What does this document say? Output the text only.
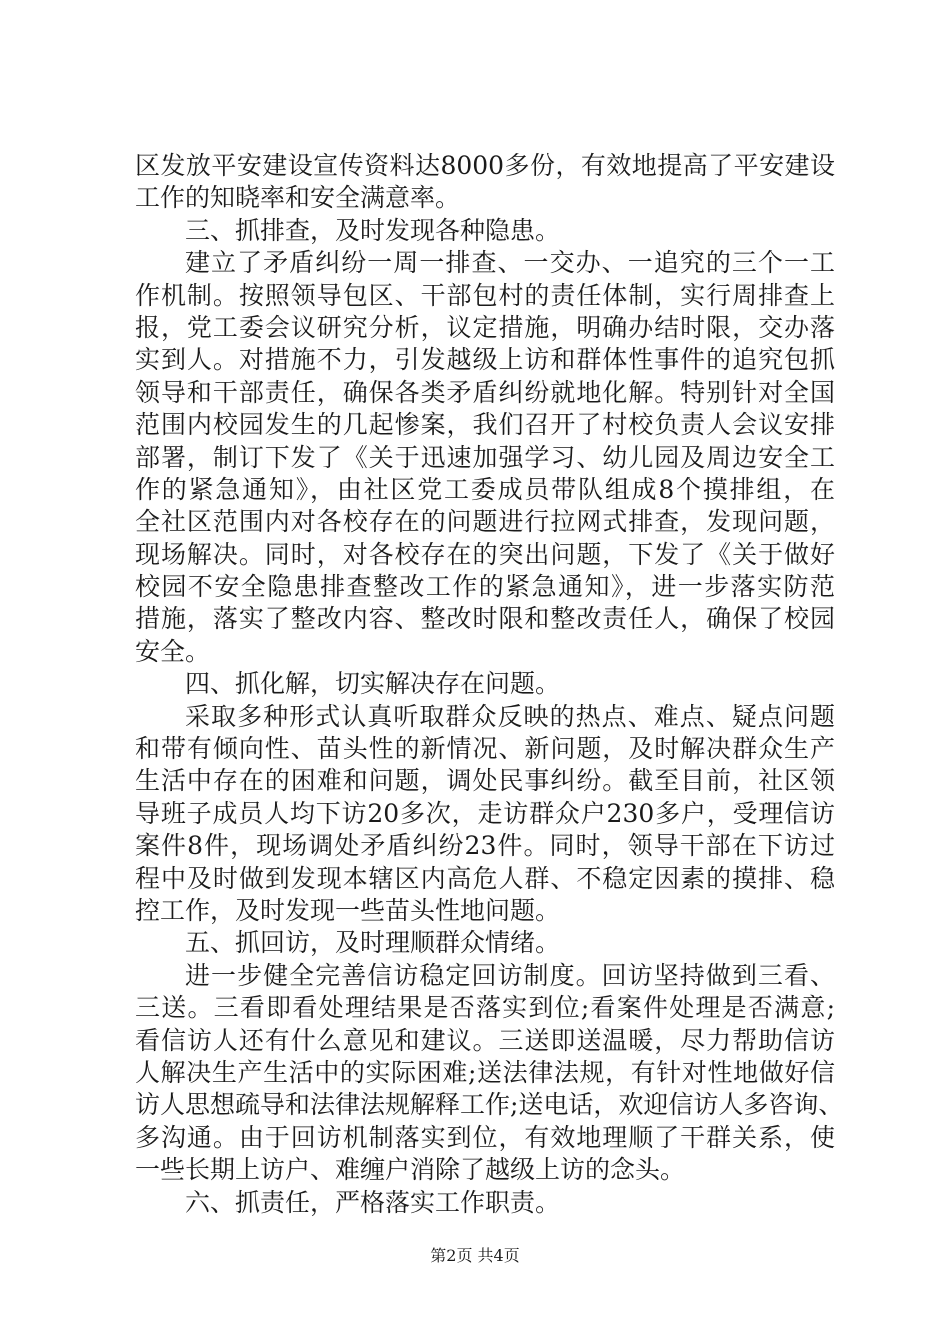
区发放平安建设宣传资料达8000多份，有效地提高了平安建设
工作的知晓率和安全满意率。
三、抓排查，及时发现各种隐患。
建立了矛盾纠纷一周一排查、一交办、一追究的三个一工
作机制。按照领导包区、干部包村的责任体制，实行周排查上
报，党工委会议研究分析，议定措施，明确办结时限，交办落
实到人。对措施不力，引发越级上访和群体性事件的追究包抓
领导和干部责任，确保各类矛盾纠纷就地化解。特别针对全国
范围内校园发生的几起惨案，我们召开了村校负责人会议安排
部署，制订下发了《关于迅速加强学习、幼儿园及周边安全工
作的紧急通知》，由社区党工委成员带队组成8个摸排组，在
全社区范围内对各校存在的问题进行拉网式排查，发现问题，
现场解决。同时，对各校存在的突出问题，下发了《关于做好
校园不安全隐患排查整改工作的紧急通知》，进一步落实防范
措施，落实了整改内容、整改时限和整改责任人，确保了校园
安全。
四、抓化解，切实解决存在问题。
采取多种形式认真听取群众反映的热点、难点、疑点问题
和带有倾向性、苗头性的新情况、新问题，及时解决群众生产
生活中存在的困难和问题，调处民事纠纷。截至目前，社区领
导班子成员人均下访20多次，走访群众户230多户，受理信访
案件8件，现场调处矛盾纠纷23件。同时，领导干部在下访过
程中及时做到发现本辖区内高危人群、不稳定因素的摸排、稳
控工作，及时发现一些苗头性地问题。
五、抓回访，及时理顺群众情绪。
进一步健全完善信访稳定回访制度。回访坚持做到三看、
三送。三看即看处理结果是否落实到位;看案件处理是否满意;
看信访人还有什么意见和建议。三送即送温暖，尽力帮助信访
人解决生产生活中的实际困难;送法律法规，有针对性地做好信
访人思想疏导和法律法规解释工作;送电话，欢迎信访人多咨询、
多沟通。由于回访机制落实到位，有效地理顺了干群关系，使
一些长期上访户、难缠户消除了越级上访的念头。
六、抓责任，严格落实工作职责。
第2页 共4页
